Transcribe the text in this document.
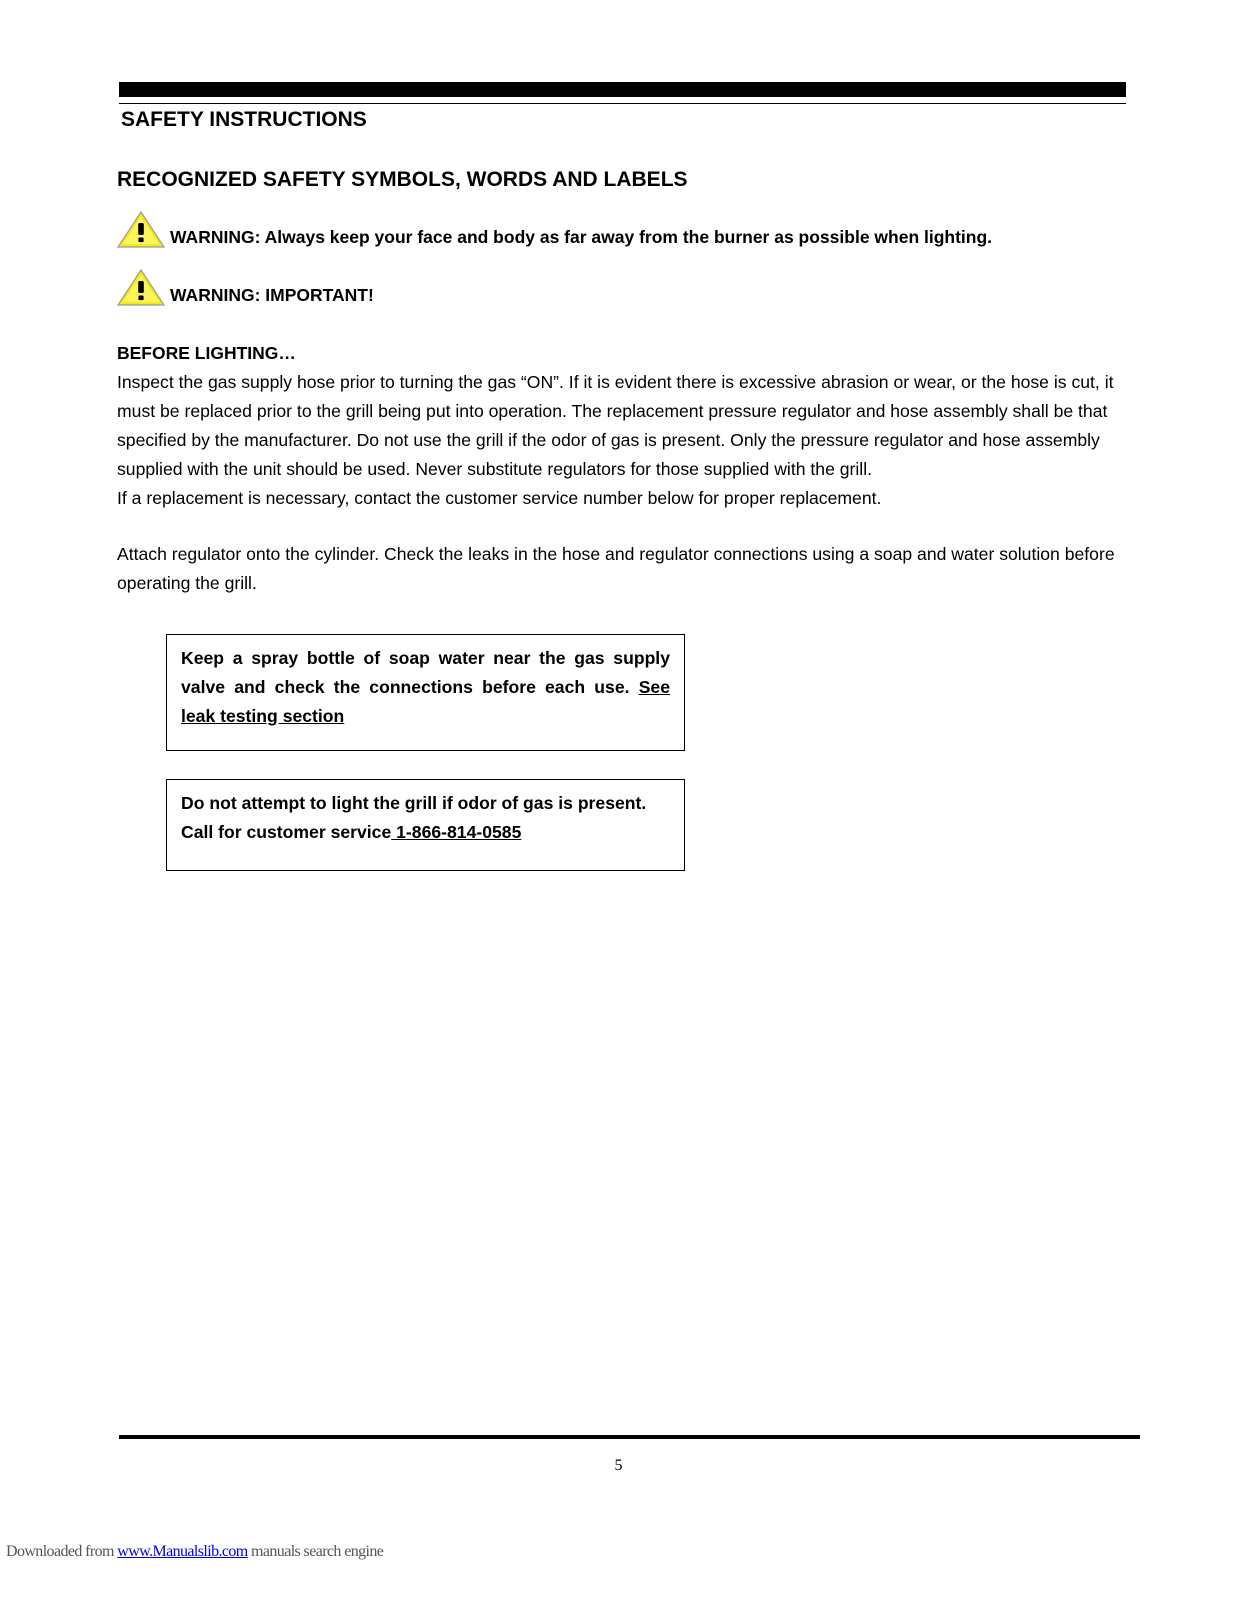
SAFETY INSTRUCTIONS
RECOGNIZED SAFETY SYMBOLS, WORDS AND LABELS
WARNING: Always keep your face and body as far away from the burner as possible when lighting.
WARNING: IMPORTANT!
BEFORE LIGHTING…

Inspect the gas supply hose prior to turning the gas “ON”. If it is evident there is excessive abrasion or wear, or the hose is cut, it must be replaced prior to the grill being put into operation. The replacement pressure regulator and hose assembly shall be that specified by the manufacturer. Do not use the grill if the odor of gas is present. Only the pressure regulator and hose assembly supplied with the unit should be used. Never substitute regulators for those supplied with the grill.
If a replacement is necessary, contact the customer service number below for proper replacement.

Attach regulator onto the cylinder. Check the leaks in the hose and regulator connections using a soap and water solution before operating the grill.

Keep a spray bottle of soap water near the gas supply valve and check the connections before each use. See leak testing section
Do not attempt to light the grill if odor of gas is present. Call for customer service 1-866-814-0585
5
Downloaded from www.Manualslib.com manuals search engine
